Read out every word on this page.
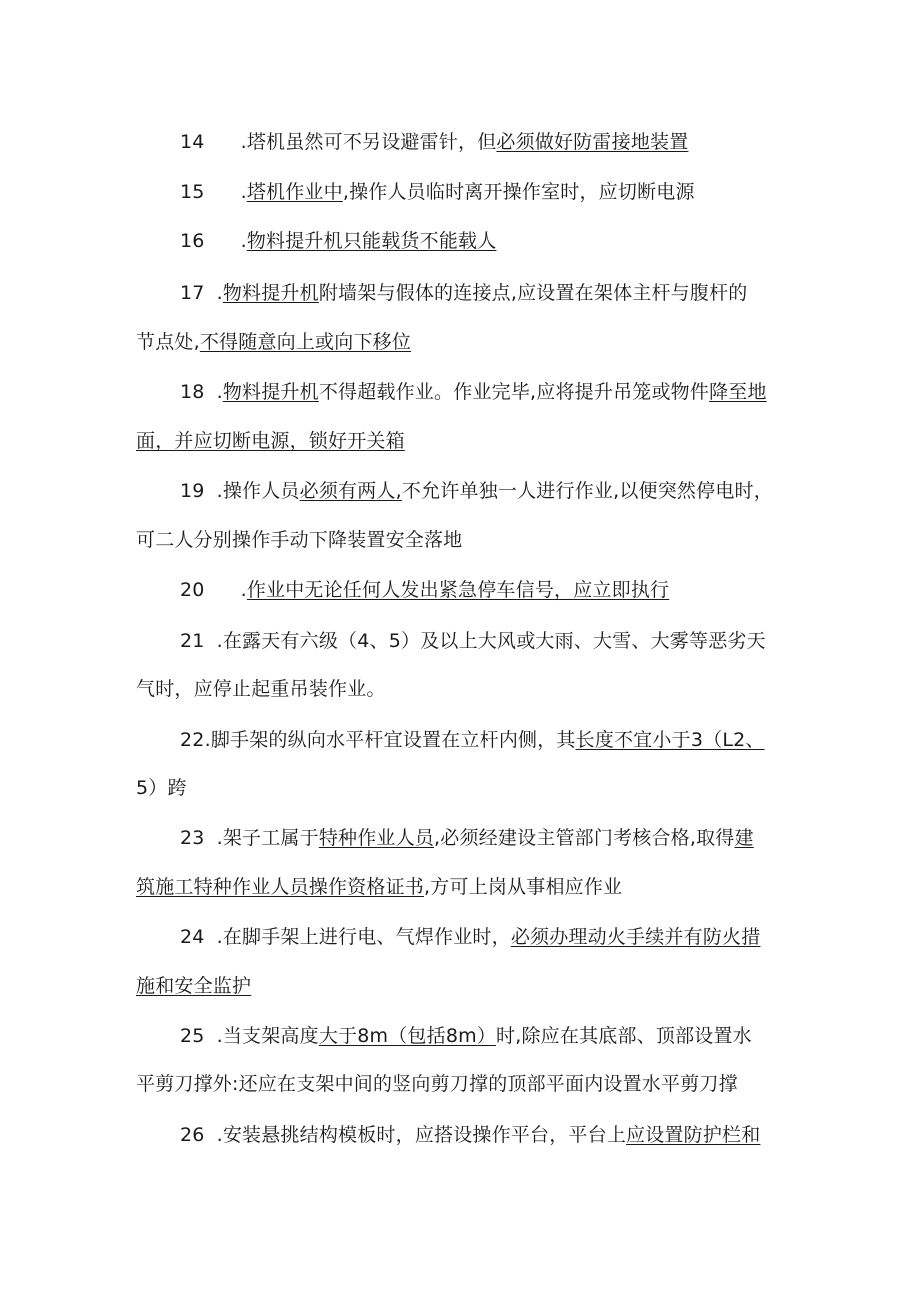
14 .塔机虽然可不另设避雷针，但必须做好防雷接地装置
15 .塔机作业中,操作人员临时离开操作室时，应切断电源
16 .物料提升机只能载货不能载人
17 .物料提升机附墙架与假体的连接点,应设置在架体主杆与腹杆的
节点处,不得随意向上或向下移位
18 .物料提升机不得超载作业。作业完毕,应将提升吊笼或物件降至地
面，并应切断电源，锁好开关箱
19 .操作人员必须有两人,不允许单独一人进行作业,以便突然停电时，
可二人分别操作手动下降装置安全落地
20 .作业中无论任何人发出紧急停车信号，应立即执行
21 .在露天有六级（4、5）及以上大风或大雨、大雪、大雾等恶劣天
气时，应停止起重吊装作业。
22.脚手架的纵向水平杆宜设置在立杆内侧，其长度不宜小于3（L2、
5）跨
23 .架子工属于特种作业人员,必须经建设主管部门考核合格,取得建
筑施工特种作业人员操作资格证书,方可上岗从事相应作业
24 .在脚手架上进行电、气焊作业时，必须办理动火手续并有防火措
施和安全监护
25 .当支架高度大于8m（包括8m）时,除应在其底部、顶部设置水
平剪刀撑外:还应在支架中间的竖向剪刀撑的顶部平面内设置水平剪刀撑
26 .安装悬挑结构模板时，应搭设操作平台，平台上应设置防护栏和
